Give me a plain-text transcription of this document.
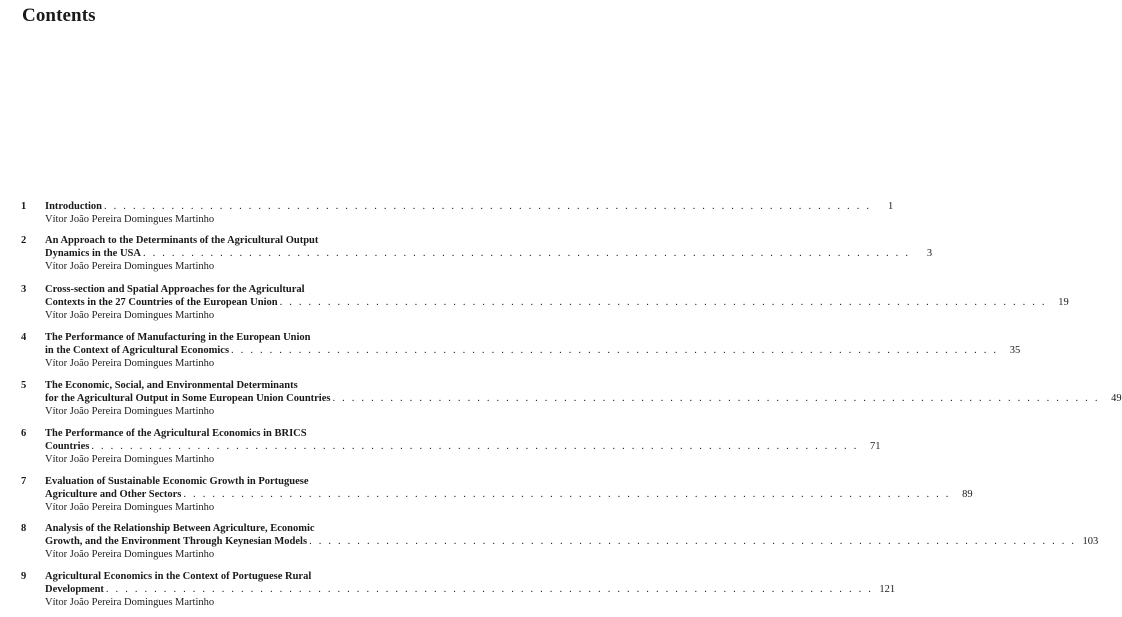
Contents
1 Introduction . . . . . . . . . . . . . . . . . . . . . . . . . . . . . . . . . . . . . . . . . . . . . . . . . . . . . . . . . . . . . . . . . . . . . . . . . . . . . . . .	1
Vítor João Pereira Domingues Martinho
2 An Approach to the Determinants of the Agricultural Output
Dynamics in the USA . . . . . . . . . . . . . . . . . . . . . . . . . . . . . . . . . . . . . . . . . . . . . . . . . . . . . . . . . . . . . . . . . . . . . . . . . . . . . . . .	3
Vítor João Pereira Domingues Martinho
3 Cross-section and Spatial Approaches for the Agricultural
Contexts in the 27 Countries of the European Union . . . . . . . . . . . . . . . . . . . . . . . . . . . . . . . . . . . . . . . . . . . . . . . . . . . . . . . . . . . . . . . . . . . . . . . . . . . . . . . .	19
Vítor João Pereira Domingues Martinho
4 The Performance of Manufacturing in the European Union
in the Context of Agricultural Economics . . . . . . . . . . . . . . . . . . . . . . . . . . . . . . . . . . . . . . . . . . . . . . . . . . . . . . . . . . . . . . . . . . . . . . . . . . . . . . . .	35
Vítor João Pereira Domingues Martinho
5 The Economic, Social, and Environmental Determinants
for the Agricultural Output in Some European Union Countries . . . . . . . . . . . . . . . . . . . . . . . . . . . . . . . . . . . . . . . . . . . . . . . . . . . . . . . . . . . . . . . . . . . . . . . . . . . . . . . .	49
Vítor João Pereira Domingues Martinho
6 The Performance of the Agricultural Economics in BRICS
Countries . . . . . . . . . . . . . . . . . . . . . . . . . . . . . . . . . . . . . . . . . . . . . . . . . . . . . . . . . . . . . . . . . . . . . . . . . . . . . . . .	71
Vítor João Pereira Domingues Martinho
7 Evaluation of Sustainable Economic Growth in Portuguese
Agriculture and Other Sectors . . . . . . . . . . . . . . . . . . . . . . . . . . . . . . . . . . . . . . . . . . . . . . . . . . . . . . . . . . . . . . . . . . . . . . . . . . . . . . . .	89
Vítor João Pereira Domingues Martinho
8 Analysis of the Relationship Between Agriculture, Economic
Growth, and the Environment Through Keynesian Models . . . . . . . . . . . . . . . . . . . . . . . . . . . . . . . . . . . . . . . . . . . . . . . . . . . . . . . . . . . . . . . . . . . . . . . . . . . . . . . . 103
Vítor João Pereira Domingues Martinho
9 Agricultural Economics in the Context of Portuguese Rural
Development . . . . . . . . . . . . . . . . . . . . . . . . . . . . . . . . . . . . . . . . . . . . . . . . . . . . . . . . . . . . . . . . . . . . . . . . . . . . . . . . 121
Vítor João Pereira Domingues Martinho
